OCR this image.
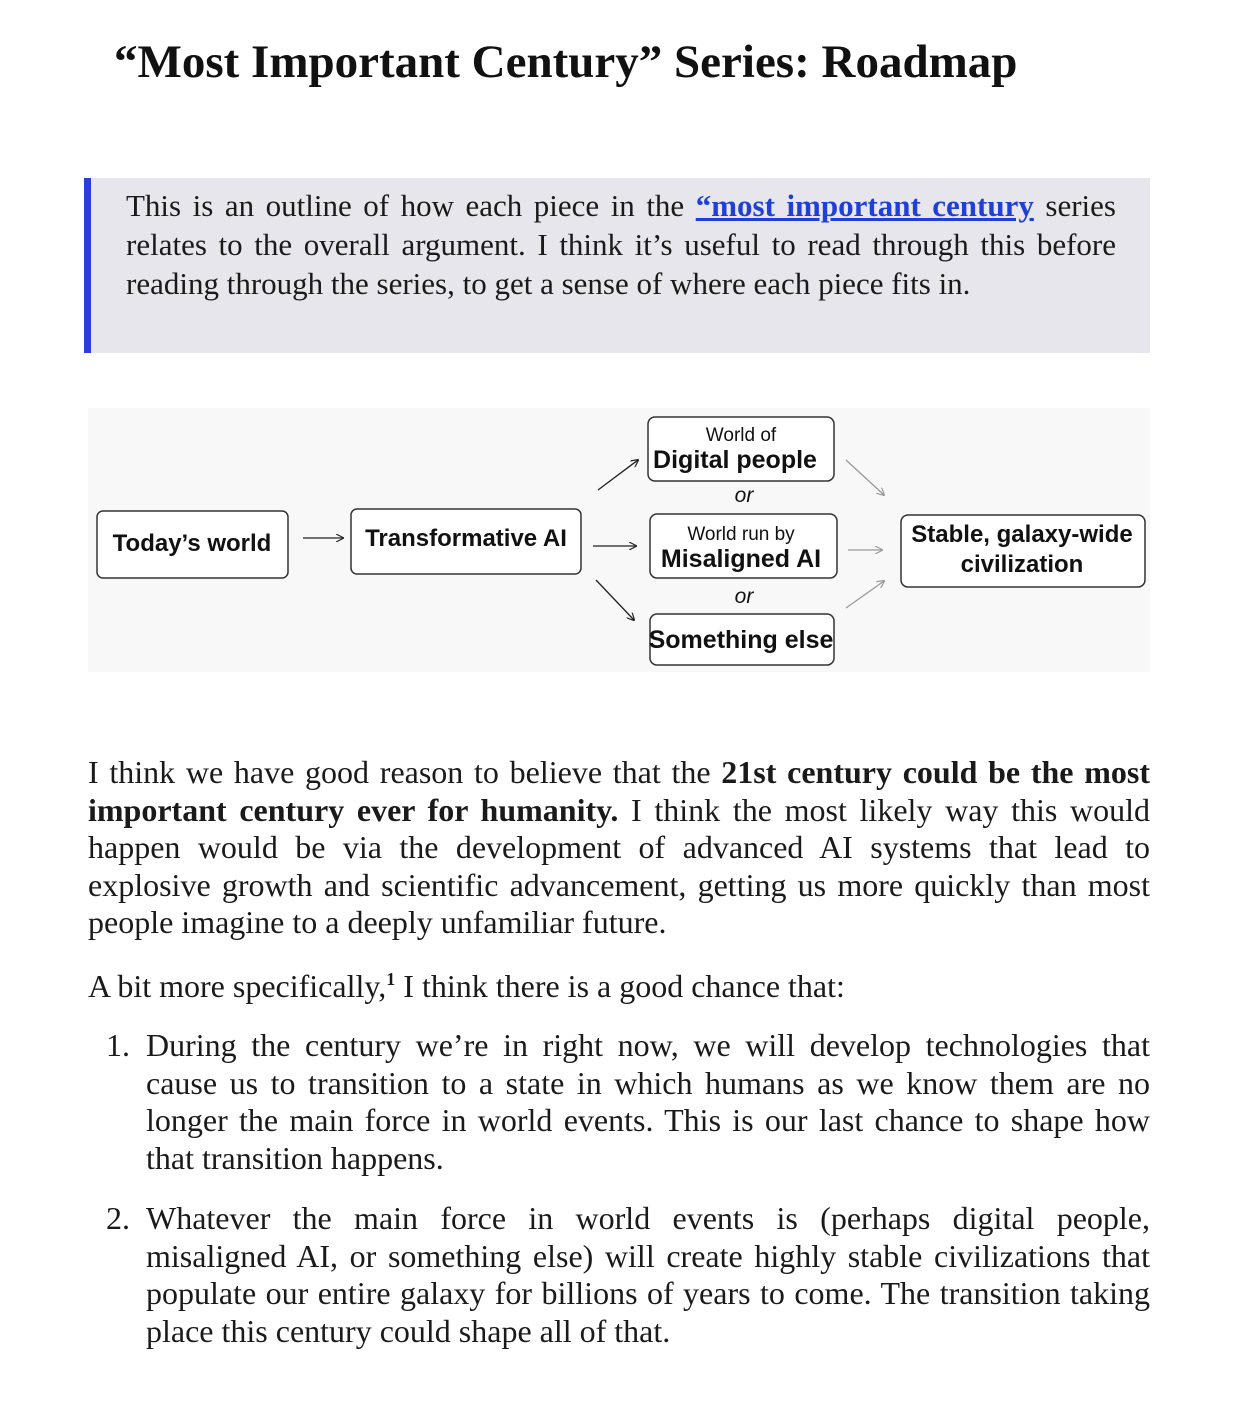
“Most Important Century” Series: Roadmap

This is an outline of how each piece in the “most important century series relates to the overall argument. I think it’s useful to read through this before reading through the series, to get a sense of where each piece fits in.

Today’s world	Transformative AI
World of
Digital people
or
World run by
Misaligned AI
or
Something else
Stable, galaxy-wide
civilization

I think we have good reason to believe that the 21st century could be the most important century ever for humanity. I think the most likely way this would happen would be via the development of advanced AI systems that lead to explosive growth and scientific advancement, getting us more quickly than most people imagine to a deeply unfamiliar future.

A bit more specifically,$^1$ I think there is a good chance that:

1. During the century we’re in right now, we will develop technologies that cause us to transition to a state in which humans as we know them are no longer the main force in world events. This is our last chance to shape how that transition happens.
2. Whatever the main force in world events is (perhaps digital people, misaligned AI, or something else) will create highly stable civilizations that populate our entire galaxy for billions of years to come. The transition taking place this century could shape all of that.
